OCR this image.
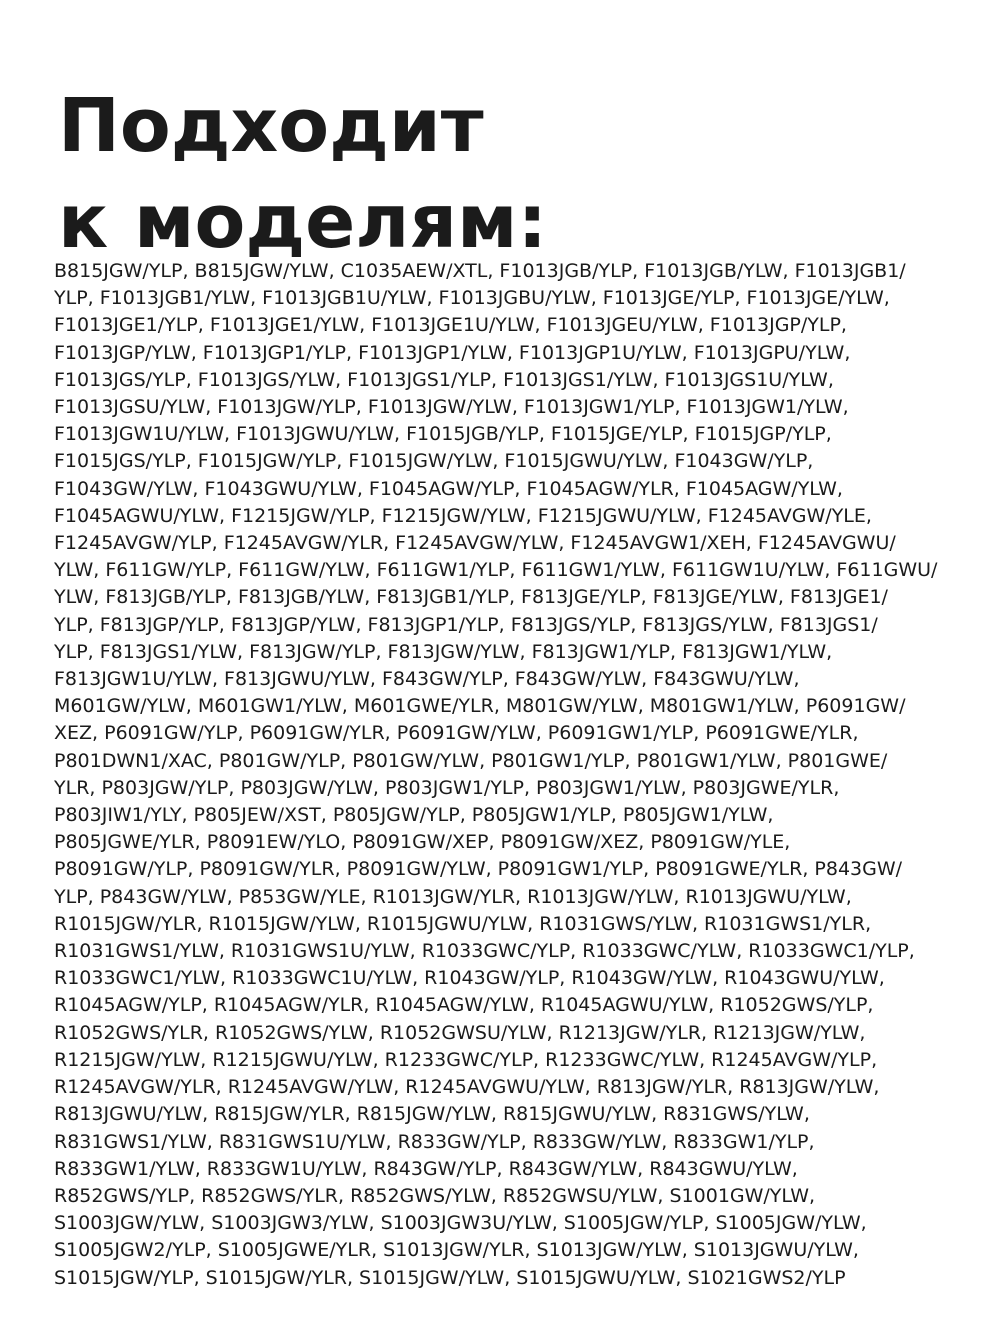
Подходит
к моделям:
B815JGW/YLP, B815JGW/YLW, C1035AEW/XTL, F1013JGB/YLP, F1013JGB/YLW, F1013JGB1/
YLP, F1013JGB1/YLW, F1013JGB1U/YLW, F1013JGBU/YLW, F1013JGE/YLP, F1013JGE/YLW,
F1013JGE1/YLP, F1013JGE1/YLW, F1013JGE1U/YLW, F1013JGEU/YLW, F1013JGP/YLP,
F1013JGP/YLW, F1013JGP1/YLP, F1013JGP1/YLW, F1013JGP1U/YLW, F1013JGPU/YLW,
F1013JGS/YLP, F1013JGS/YLW, F1013JGS1/YLP, F1013JGS1/YLW, F1013JGS1U/YLW,
F1013JGSU/YLW, F1013JGW/YLP, F1013JGW/YLW, F1013JGW1/YLP, F1013JGW1/YLW,
F1013JGW1U/YLW, F1013JGWU/YLW, F1015JGB/YLP, F1015JGE/YLP, F1015JGP/YLP,
F1015JGS/YLP, F1015JGW/YLP, F1015JGW/YLW, F1015JGWU/YLW, F1043GW/YLP,
F1043GW/YLW, F1043GWU/YLW, F1045AGW/YLP, F1045AGW/YLR, F1045AGW/YLW,
F1045AGWU/YLW, F1215JGW/YLP, F1215JGW/YLW, F1215JGWU/YLW, F1245AVGW/YLE,
F1245AVGW/YLP, F1245AVGW/YLR, F1245AVGW/YLW, F1245AVGW1/XEH, F1245AVGWU/
YLW, F611GW/YLP, F611GW/YLW, F611GW1/YLP, F611GW1/YLW, F611GW1U/YLW, F611GWU/
YLW, F813JGB/YLP, F813JGB/YLW, F813JGB1/YLP, F813JGE/YLP, F813JGE/YLW, F813JGE1/
YLP, F813JGP/YLP, F813JGP/YLW, F813JGP1/YLP, F813JGS/YLP, F813JGS/YLW, F813JGS1/
YLP, F813JGS1/YLW, F813JGW/YLP, F813JGW/YLW, F813JGW1/YLP, F813JGW1/YLW,
F813JGW1U/YLW, F813JGWU/YLW, F843GW/YLP, F843GW/YLW, F843GWU/YLW,
M601GW/YLW, M601GW1/YLW, M601GWE/YLR, M801GW/YLW, M801GW1/YLW, P6091GW/
XEZ, P6091GW/YLP, P6091GW/YLR, P6091GW/YLW, P6091GW1/YLP, P6091GWE/YLR,
P801DWN1/XAC, P801GW/YLP, P801GW/YLW, P801GW1/YLP, P801GW1/YLW, P801GWE/
YLR, P803JGW/YLP, P803JGW/YLW, P803JGW1/YLP, P803JGW1/YLW, P803JGWE/YLR,
P803JIW1/YLY, P805JEW/XST, P805JGW/YLP, P805JGW1/YLP, P805JGW1/YLW,
P805JGWE/YLR, P8091EW/YLO, P8091GW/XEP, P8091GW/XEZ, P8091GW/YLE,
P8091GW/YLP, P8091GW/YLR, P8091GW/YLW, P8091GW1/YLP, P8091GWE/YLR, P843GW/
YLP, P843GW/YLW, P853GW/YLE, R1013JGW/YLR, R1013JGW/YLW, R1013JGWU/YLW,
R1015JGW/YLR, R1015JGW/YLW, R1015JGWU/YLW, R1031GWS/YLW, R1031GWS1/YLR,
R1031GWS1/YLW, R1031GWS1U/YLW, R1033GWC/YLP, R1033GWC/YLW, R1033GWC1/YLP,
R1033GWC1/YLW, R1033GWC1U/YLW, R1043GW/YLP, R1043GW/YLW, R1043GWU/YLW,
R1045AGW/YLP, R1045AGW/YLR, R1045AGW/YLW, R1045AGWU/YLW, R1052GWS/YLP,
R1052GWS/YLR, R1052GWS/YLW, R1052GWSU/YLW, R1213JGW/YLR, R1213JGW/YLW,
R1215JGW/YLW, R1215JGWU/YLW, R1233GWC/YLP, R1233GWC/YLW, R1245AVGW/YLP,
R1245AVGW/YLR, R1245AVGW/YLW, R1245AVGWU/YLW, R813JGW/YLR, R813JGW/YLW,
R813JGWU/YLW, R815JGW/YLR, R815JGW/YLW, R815JGWU/YLW, R831GWS/YLW,
R831GWS1/YLW, R831GWS1U/YLW, R833GW/YLP, R833GW/YLW, R833GW1/YLP,
R833GW1/YLW, R833GW1U/YLW, R843GW/YLP, R843GW/YLW, R843GWU/YLW,
R852GWS/YLP, R852GWS/YLR, R852GWS/YLW, R852GWSU/YLW, S1001GW/YLW,
S1003JGW/YLW, S1003JGW3/YLW, S1003JGW3U/YLW, S1005JGW/YLP, S1005JGW/YLW,
S1005JGW2/YLP, S1005JGWE/YLR, S1013JGW/YLR, S1013JGW/YLW, S1013JGWU/YLW,
S1015JGW/YLP, S1015JGW/YLR, S1015JGW/YLW, S1015JGWU/YLW, S1021GWS2/YLP
